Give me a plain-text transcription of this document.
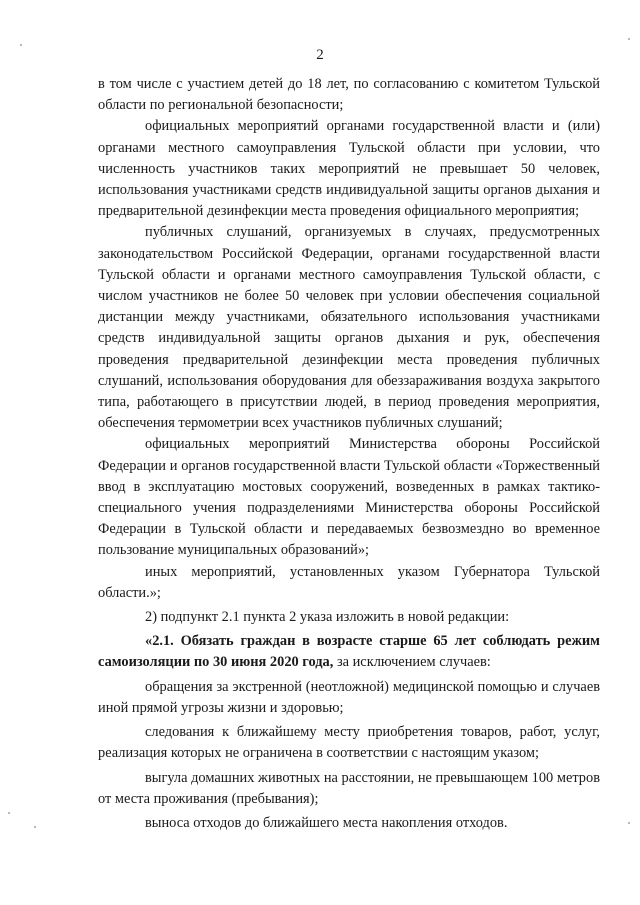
2

в том числе с участием детей до 18 лет, по согласованию с комитетом Тульской области по региональной безопасности;

официальных мероприятий органами государственной власти и (или) органами местного самоуправления Тульской области при условии, что численность участников таких мероприятий не превышает 50 человек, использования участниками средств индивидуальной защиты органов дыхания и предварительной дезинфекции места проведения официального мероприятия;

публичных слушаний, организуемых в случаях, предусмотренных законодательством Российской Федерации, органами государственной власти Тульской области и органами местного самоуправления Тульской области, с числом участников не более 50 человек при условии обеспечения социальной дистанции между участниками, обязательного использования участниками средств индивидуальной защиты органов дыхания и рук, обеспечения проведения предварительной дезинфекции места проведения публичных слушаний, использования оборудования для обеззараживания воздуха закрытого типа, работающего в присутствии людей, в период проведения мероприятия, обеспечения термометрии всех участников публичных слушаний;

официальных мероприятий Министерства обороны Российской Федерации и органов государственной власти Тульской области «Торжественный ввод в эксплуатацию мостовых сооружений, возведенных в рамках тактико-специального учения подразделениями Министерства обороны Российской Федерации в Тульской области и передаваемых безвозмездно во временное пользование муниципальных образований»;

иных мероприятий, установленных указом Губернатора Тульской области.»;

2) подпункт 2.1 пункта 2 указа изложить в новой редакции:

«2.1. Обязать граждан в возрасте старше 65 лет соблюдать режим самоизоляции по 30 июня 2020 года, за исключением случаев:

обращения за экстренной (неотложной) медицинской помощью и случаев иной прямой угрозы жизни и здоровью;

следования к ближайшему месту приобретения товаров, работ, услуг, реализация которых не ограничена в соответствии с настоящим указом;

выгула домашних животных на расстоянии, не превышающем 100 метров от места проживания (пребывания);

выноса отходов до ближайшего места накопления отходов.
